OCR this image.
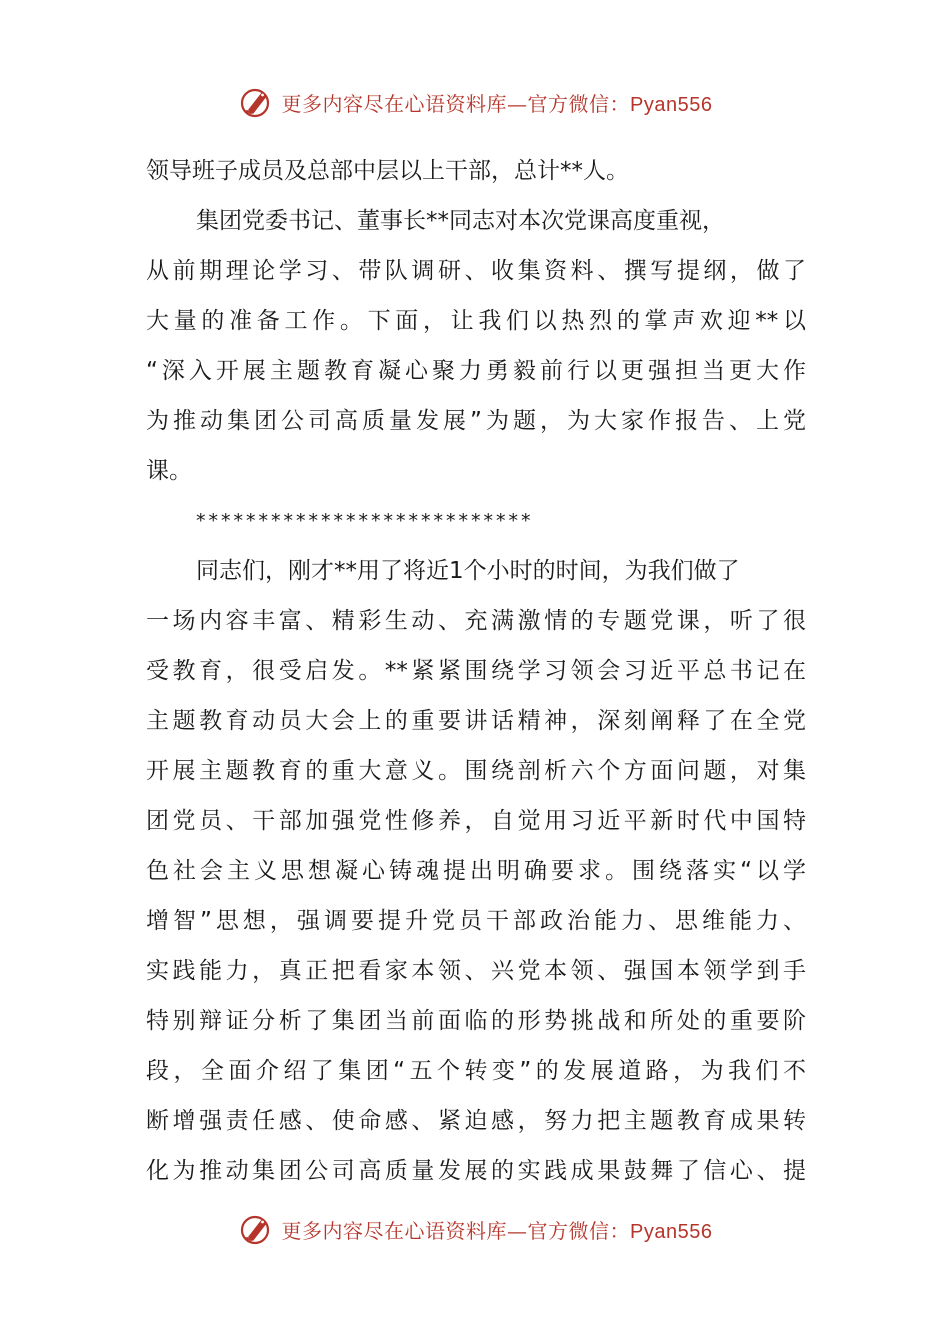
更多内容尽在心语资料库—官方微信：Pyan556
领导班子成员及总部中层以上干部，总计**人。
集团党委书记、董事长**同志对本次党课高度重视，
从前期理论学习、带队调研、收集资料、撰写提纲，做了
大量的准备工作。下面，让我们以热烈的掌声欢迎**以
“深入开展主题教育凝心聚力勇毅前行以更强担当更大作
为推动集团公司高质量发展”为题，为大家作报告、上党
课。
***************************
同志们，刚才**用了将近1个小时的时间，为我们做了
一场内容丰富、精彩生动、充满激情的专题党课，听了很
受教育，很受启发。**紧紧围绕学习领会习近平总书记在
主题教育动员大会上的重要讲话精神，深刻阐释了在全党
开展主题教育的重大意义。围绕剖析六个方面问题，对集
团党员、干部加强党性修养，自觉用习近平新时代中国特
色社会主义思想凝心铸魂提出明确要求。围绕落实“以学
增智”思想，强调要提升党员干部政治能力、思维能力、
实践能力，真正把看家本领、兴党本领、强国本领学到手
特别辩证分析了集团当前面临的形势挑战和所处的重要阶
段，全面介绍了集团“五个转变”的发展道路，为我们不
断增强责任感、使命感、紧迫感，努力把主题教育成果转
化为推动集团公司高质量发展的实践成果鼓舞了信心、提
更多内容尽在心语资料库—官方微信：Pyan556
